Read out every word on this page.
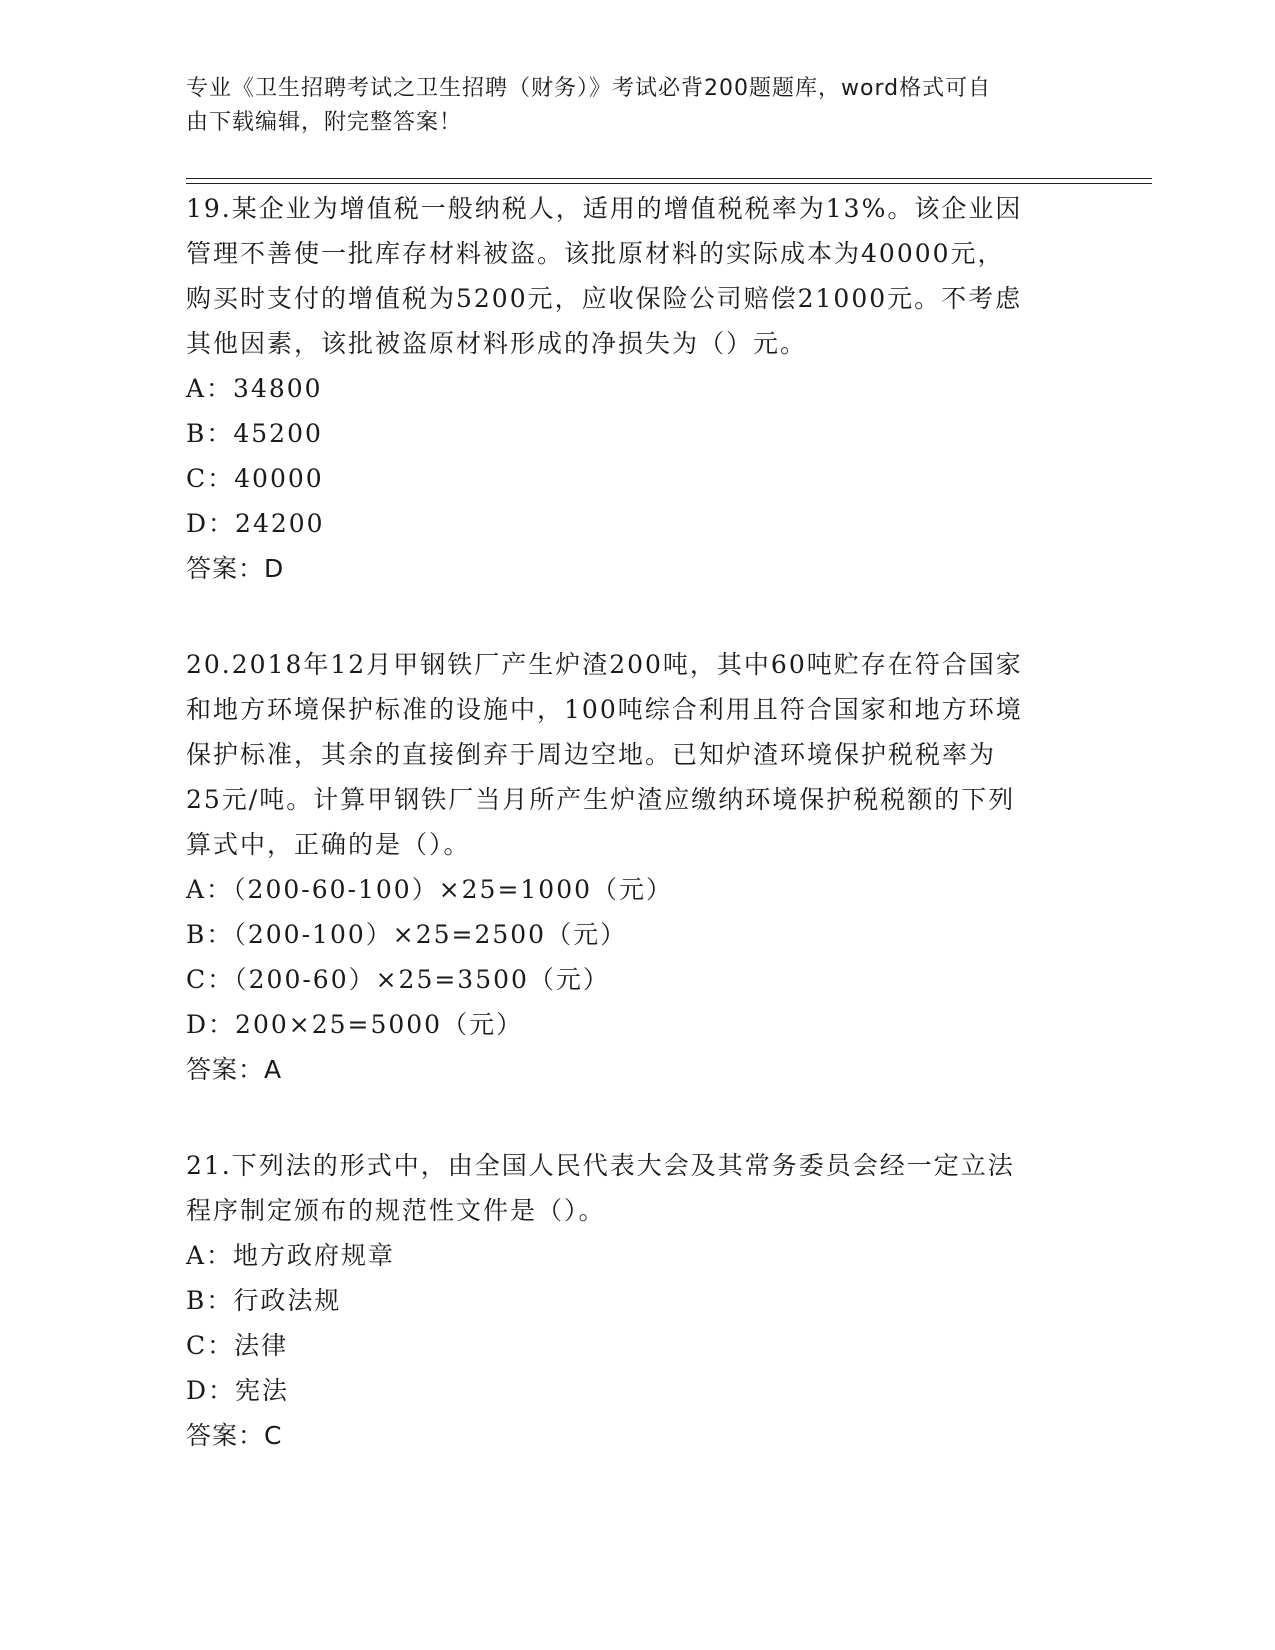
专业《卫生招聘考试之卫生招聘（财务）》考试必背200题题库，word格式可自
由下载编辑，附完整答案！

19.某企业为增值税一般纳税人，适用的增值税税率为13%。该企业因

管理不善使一批库存材料被盗。该批原材料的实际成本为40000元，

购买时支付的增值税为5200元，应收保险公司赔偿21000元。不考虑

其他因素，该批被盗原材料形成的净损失为（）元。

A：34800

B：45200

C：40000

D：24200

答案：D

20.2018年12月甲钢铁厂产生炉渣200吨，其中60吨贮存在符合国家

和地方环境保护标准的设施中，100吨综合利用且符合国家和地方环境

保护标准，其余的直接倒弃于周边空地。已知炉渣环境保护税税率为

25元/吨。计算甲钢铁厂当月所产生炉渣应缴纳环境保护税税额的下列

算式中，正确的是（）。

A：（200-60-100）×25=1000（元）

B：（200-100）×25=2500（元）

C：（200-60）×25=3500（元）

D：200×25=5000（元）

答案：A

21.下列法的形式中，由全国人民代表大会及其常务委员会经一定立法

程序制定颁布的规范性文件是（）。

A：地方政府规章

B：行政法规

C：法律

D：宪法

答案：C
